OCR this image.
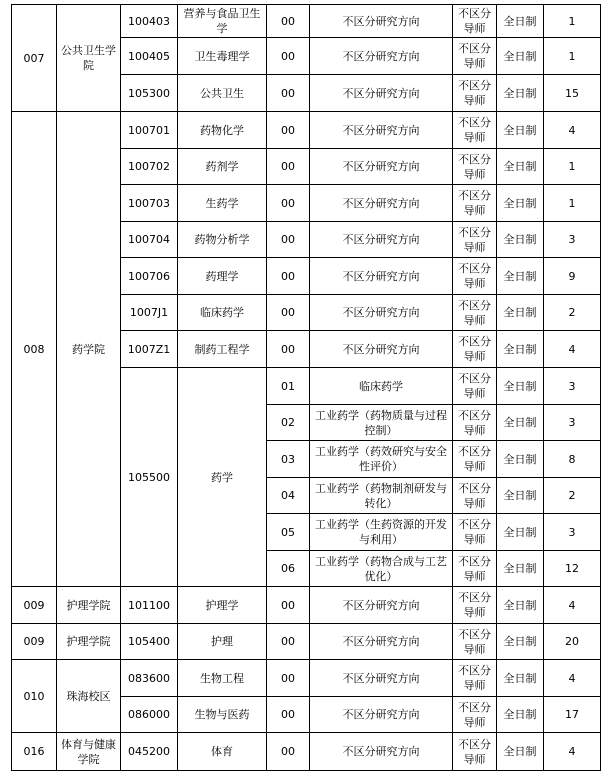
007	公共卫生学院	100403	营养与食品卫生学	00	不区分研究方向	不区分导师	全日制	1
		100405	卫生毒理学	00	不区分研究方向	不区分导师	全日制	1
		105300	公共卫生	00	不区分研究方向	不区分导师	全日制	15
008	药学院	100701	药物化学	00	不区分研究方向	不区分导师	全日制	4
		100702	药剂学	00	不区分研究方向	不区分导师	全日制	1
		100703	生药学	00	不区分研究方向	不区分导师	全日制	1
		100704	药物分析学	00	不区分研究方向	不区分导师	全日制	3
		100706	药理学	00	不区分研究方向	不区分导师	全日制	9
		1007J1	临床药学	00	不区分研究方向	不区分导师	全日制	2
		1007Z1	制药工程学	00	不区分研究方向	不区分导师	全日制	4
		105500	药学	01	临床药学	不区分导师	全日制	3
				02	工业药学（药物质量与过程控制）	不区分导师	全日制	3
				03	工业药学（药效研究与安全性评价）	不区分导师	全日制	8
				04	工业药学（药物制剂研发与转化）	不区分导师	全日制	2
				05	工业药学（生药资源的开发与利用）	不区分导师	全日制	3
				06	工业药学（药物合成与工艺优化）	不区分导师	全日制	12
009	护理学院	101100	护理学	00	不区分研究方向	不区分导师	全日制	4
009	护理学院	105400	护理	00	不区分研究方向	不区分导师	全日制	20
010	珠海校区	083600	生物工程	00	不区分研究方向	不区分导师	全日制	4
		086000	生物与医药	00	不区分研究方向	不区分导师	全日制	17
016	体育与健康学院	045200	体育	00	不区分研究方向	不区分导师	全日制	4
